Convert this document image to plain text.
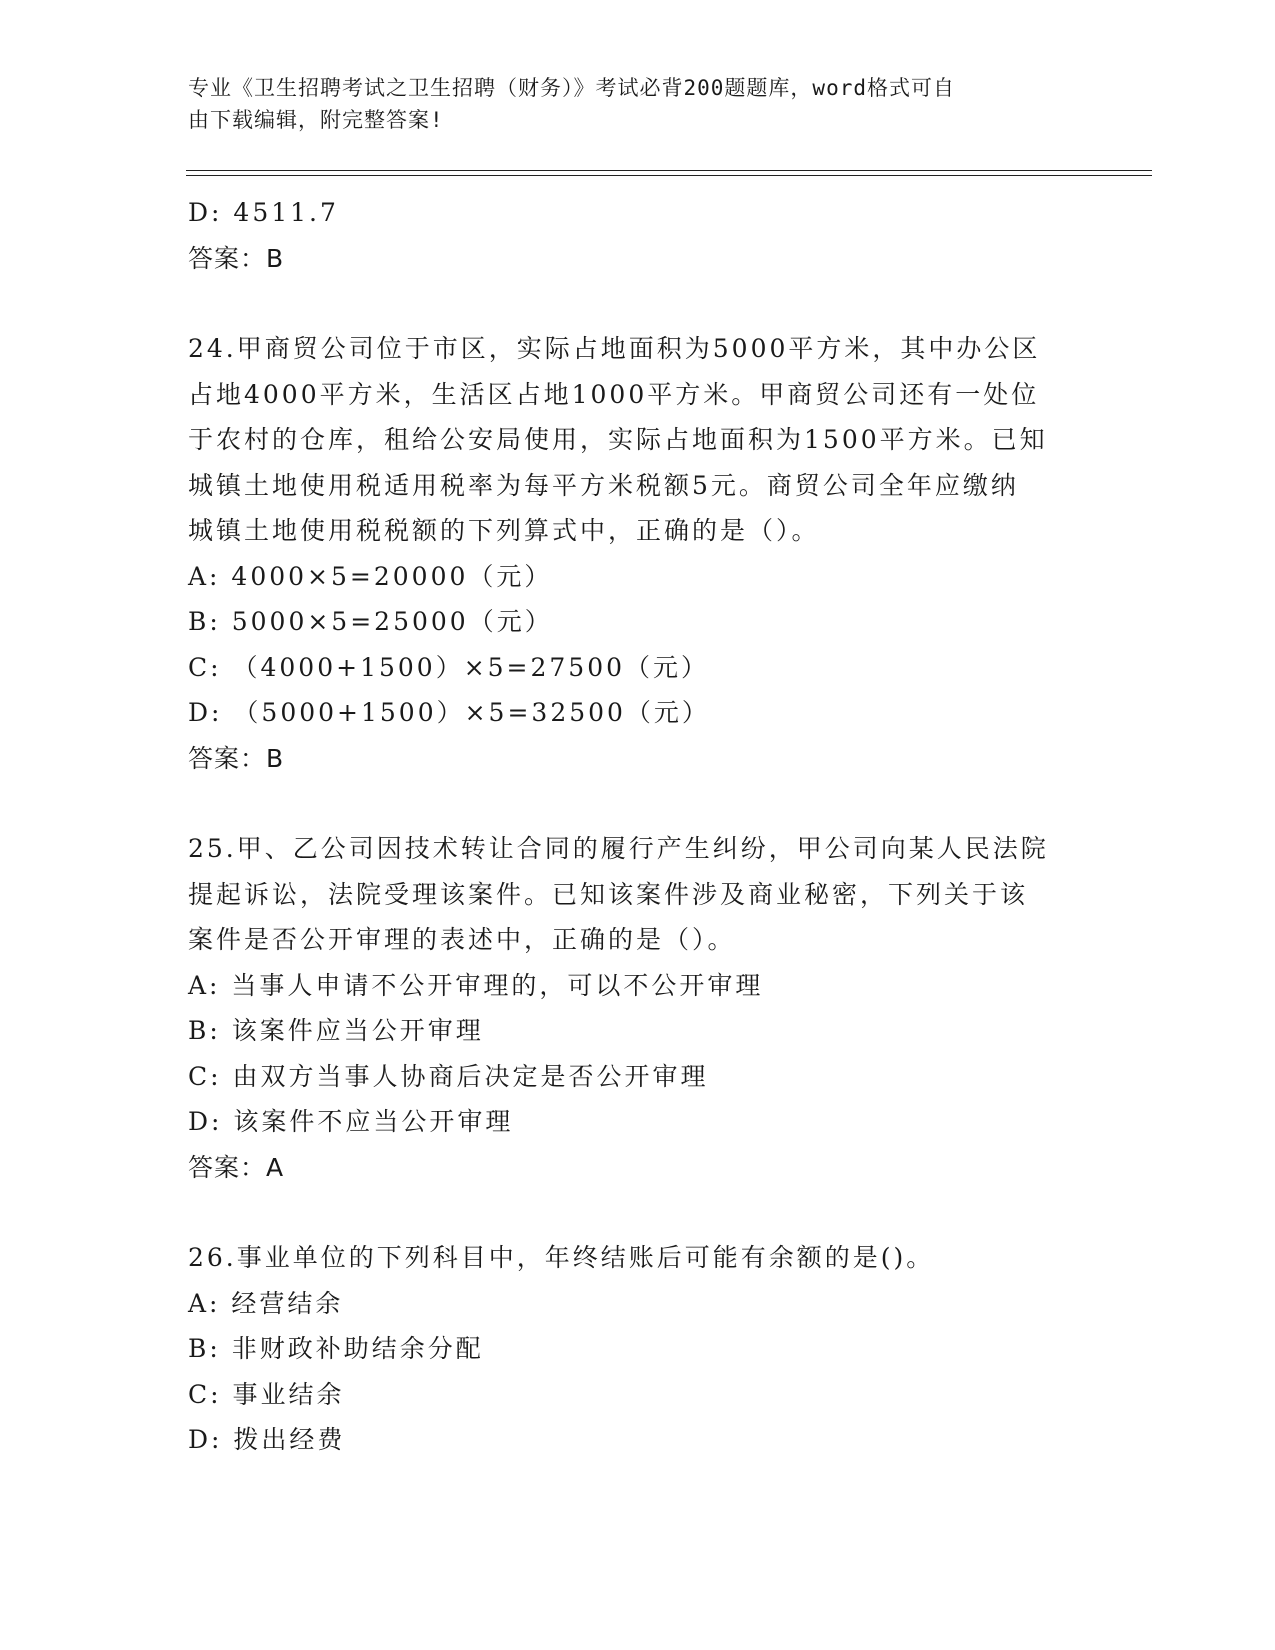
专业《卫生招聘考试之卫生招聘（财务）》考试必背200题题库，word格式可自
由下载编辑，附完整答案!
D: 4511.7
答案：B
24.甲商贸公司位于市区，实际占地面积为5000平方米，其中办公区
占地4000平方米，生活区占地1000平方米。甲商贸公司还有一处位
于农村的仓库，租给公安局使用，实际占地面积为1500平方米。已知
城镇土地使用税适用税率为每平方米税额5元。商贸公司全年应缴纳
城镇土地使用税税额的下列算式中，正确的是（）。
A: 4000×5=20000（元）
B: 5000×5=25000（元）
C: （4000+1500）×5=27500（元）
D: （5000+1500）×5=32500（元）
答案：B
25.甲、乙公司因技术转让合同的履行产生纠纷，甲公司向某人民法院
提起诉讼，法院受理该案件。已知该案件涉及商业秘密，下列关于该
案件是否公开审理的表述中，正确的是（）。
A: 当事人申请不公开审理的，可以不公开审理
B: 该案件应当公开审理
C: 由双方当事人协商后决定是否公开审理
D: 该案件不应当公开审理
答案：A
26.事业单位的下列科目中，年终结账后可能有余额的是()。
A: 经营结余
B: 非财政补助结余分配
C: 事业结余
D: 拨出经费
